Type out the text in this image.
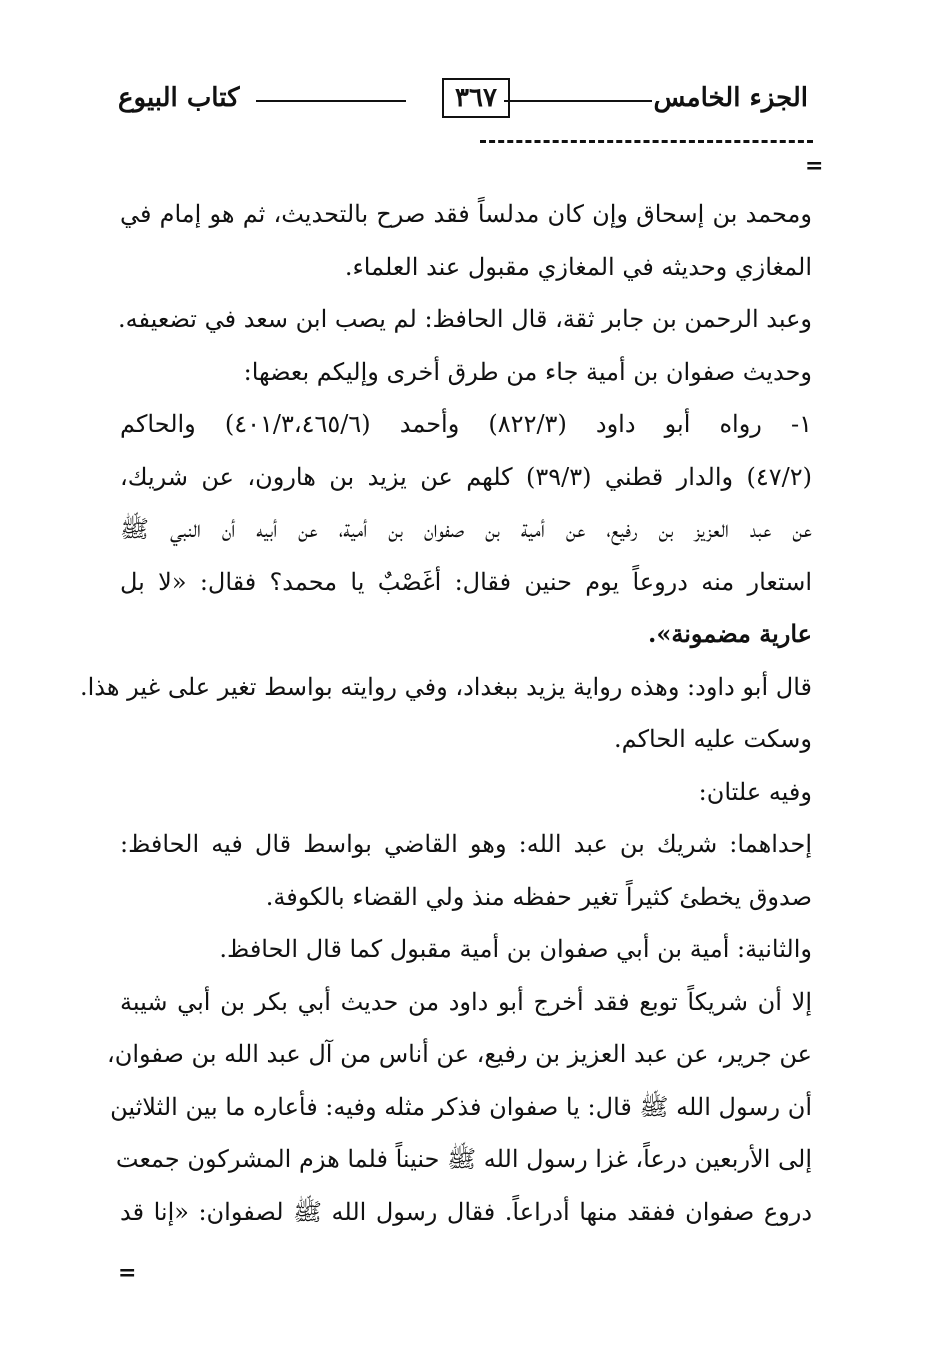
الجزء الخامس
٣٦٧
كتاب البيوع
=
ومحمد بن إسحاق وإن كان مدلساً فقد صرح بالتحديث، ثم هو إمام في
المغازي وحديثه في المغازي مقبول عند العلماء.
وعبد الرحمن بن جابر ثقة، قال الحافظ: لم يصب ابن سعد في تضعيفه.
وحديث صفوان بن أمية جاء من طرق أخرى وإليكم بعضها:
١- رواه أبو داود (٨٢٢/٣) وأحمد (٤٠١/٣،٤٦٥/٦) والحاكم
(٤٧/٢) والدار قطني (٣٩/٣) كلهم عن يزيد بن هارون، عن شريك،
عن عبد العزيز بن رفيع، عن أمية بن صفوان بن أمية، عن أبيه أن النبي ﷺ
استعار منه دروعاً يوم حنين فقال: أغَصْبٌ يا محمد؟ فقال: «لا بل
عارية مضمونة».
قال أبو داود: وهذه رواية يزيد ببغداد، وفي روايته بواسط تغير على غير هذا.
وسكت عليه الحاكم.
وفيه علتان:
إحداهما: شريك بن عبد الله: وهو القاضي بواسط قال فيه الحافظ:
صدوق يخطئ كثيراً تغير حفظه منذ ولي القضاء بالكوفة.
والثانية: أمية بن أبي صفوان بن أمية مقبول كما قال الحافظ.
إلا أن شريكاً توبع فقد أخرج أبو داود من حديث أبي بكر بن أبي شيبة
عن جرير، عن عبد العزيز بن رفيع، عن أناس من آل عبد الله بن صفوان،
أن رسول الله ﷺ قال: يا صفوان فذكر مثله وفيه: فأعاره ما بين الثلاثين
إلى الأربعين درعاً، غزا رسول الله ﷺ حنيناً فلما هزم المشركون جمعت
دروع صفوان ففقد منها أدراعاً. فقال رسول الله ﷺ لصفوان: «إنا قد
=
